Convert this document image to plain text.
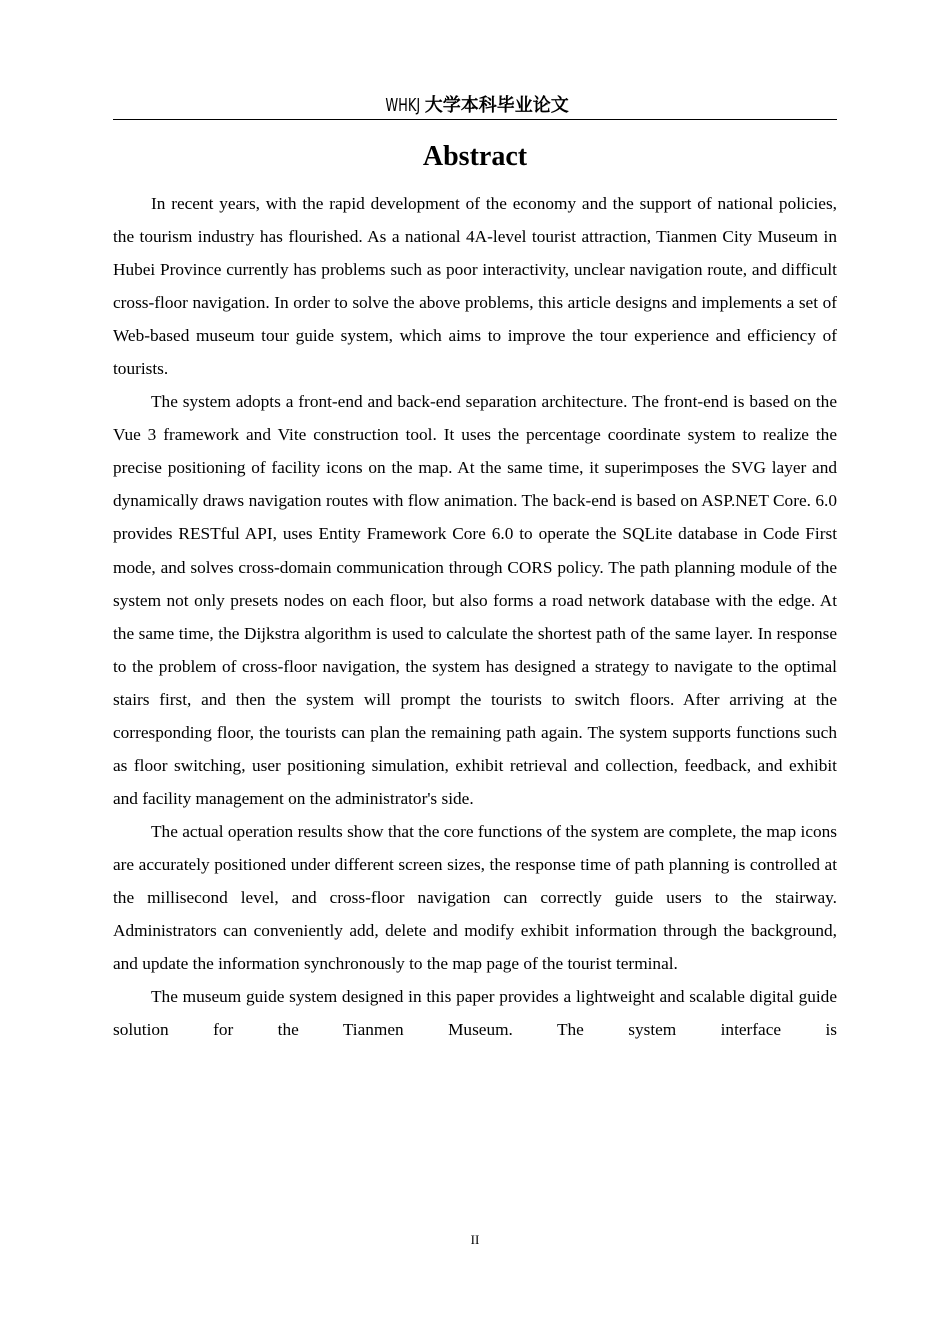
WHKJ 大学本科毕业论文
Abstract

In recent years, with the rapid development of the economy and the support of national policies, the tourism industry has flourished. As a national 4A-level tourist attraction, Tianmen City Museum in Hubei Province currently has problems such as poor interactivity, unclear navigation route, and difficult cross-floor navigation. In order to solve the above problems, this article designs and implements a set of Web-based museum tour guide system, which aims to improve the tour experience and efficiency of tourists.

The system adopts a front-end and back-end separation architecture. The front-end is based on the Vue 3 framework and Vite construction tool. It uses the percentage coordinate system to realize the precise positioning of facility icons on the map. At the same time, it superimposes the SVG layer and dynamically draws navigation routes with flow animation. The back-end is based on ASP.NET Core. 6.0 provides RESTful API, uses Entity Framework Core 6.0 to operate the SQLite database in Code First mode, and solves cross-domain communication through CORS policy. The path planning module of the system not only presets nodes on each floor, but also forms a road network database with the edge. At the same time, the Dijkstra algorithm is used to calculate the shortest path of the same layer. In response to the problem of cross-floor navigation, the system has designed a strategy to navigate to the optimal stairs first, and then the system will prompt the tourists to switch floors. After arriving at the corresponding floor, the tourists can plan the remaining path again. The system supports functions such as floor switching, user positioning simulation, exhibit retrieval and collection, feedback, and exhibit and facility management on the administrator's side.

The actual operation results show that the core functions of the system are complete, the map icons are accurately positioned under different screen sizes, the response time of path planning is controlled at the millisecond level, and cross-floor navigation can correctly guide users to the stairway. Administrators can conveniently add, delete and modify exhibit information through the background, and update the information synchronously to the map page of the tourist terminal.

The museum guide system designed in this paper provides a lightweight and scalable digital guide solution for the Tianmen Museum. The system interface is

II
